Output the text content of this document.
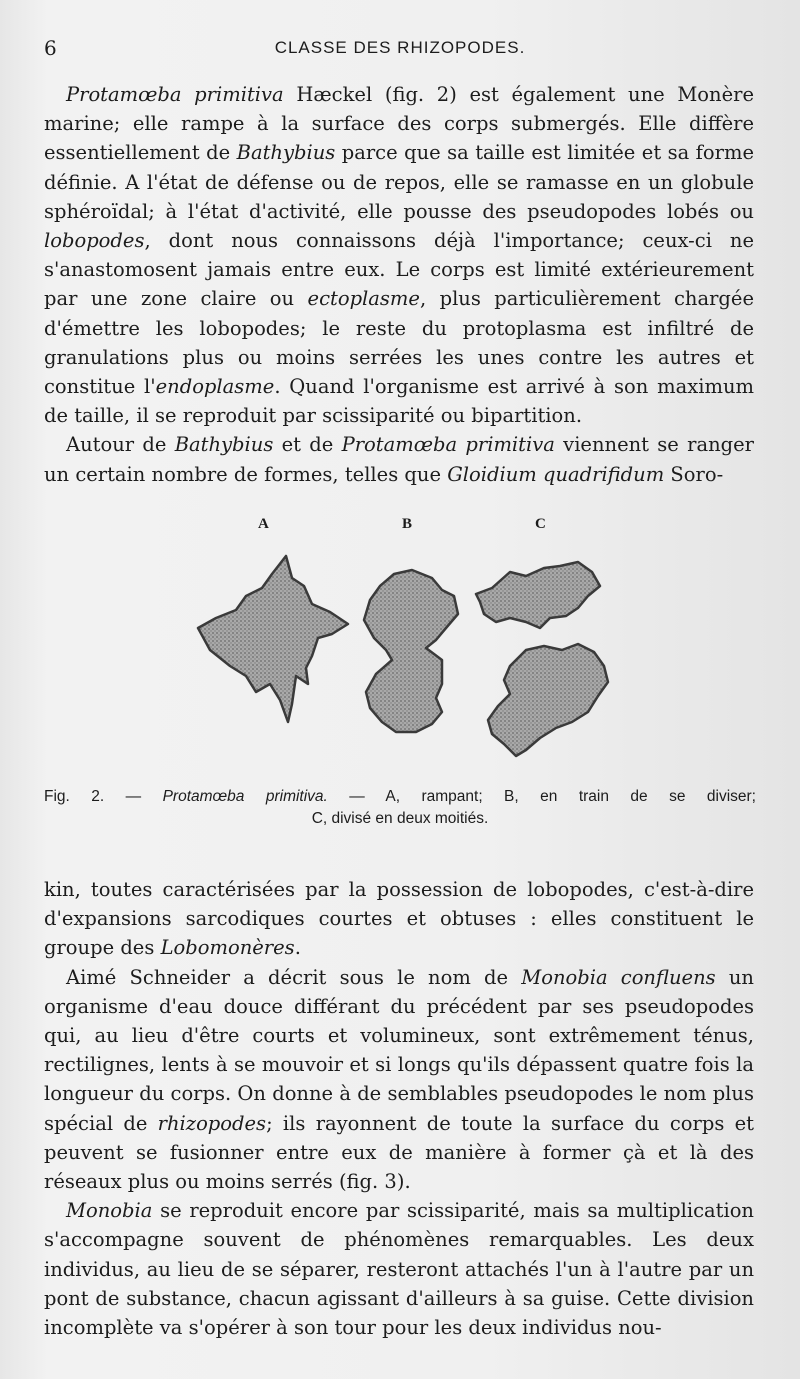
6	CLASSE DES RHIZOPODES.

Protamœba primitiva Hæckel (fig. 2) est également une Monère marine; elle rampe à la surface des corps submergés. Elle diffère essentiellement de Bathybius parce que sa taille est limitée et sa forme définie. A l'état de défense ou de repos, elle se ramasse en un globule sphéroïdal; à l'état d'activité, elle pousse des pseudopodes lobés ou lobopodes, dont nous connaissons déjà l'importance; ceux-ci ne s'anastomosent jamais entre eux. Le corps est limité extérieurement par une zone claire ou ectoplasme, plus particulièrement chargée d'émettre les lobopodes; le reste du protoplasma est infiltré de granulations plus ou moins serrées les unes contre les autres et constitue l'endoplasme. Quand l'organisme est arrivé à son maximum de taille, il se reproduit par scissiparité ou bipartition.

Autour de Bathybius et de Protamœba primitiva viennent se ranger un certain nombre de formes, telles que Gloidium quadrifidum Soro-

A	B	C
Fig. 2. — Protamœba primitiva. — A, rampant; B, en train de se diviser;
C, divisé en deux moitiés.

kin, toutes caractérisées par la possession de lobopodes, c'est-à-dire d'expansions sarcodiques courtes et obtuses : elles constituent le groupe des Lobomonères.

Aimé Schneider a décrit sous le nom de Monobia confluens un organisme d'eau douce différant du précédent par ses pseudopodes qui, au lieu d'être courts et volumineux, sont extrêmement ténus, rectilignes, lents à se mouvoir et si longs qu'ils dépassent quatre fois la longueur du corps. On donne à de semblables pseudopodes le nom plus spécial de rhizopodes; ils rayonnent de toute la surface du corps et peuvent se fusionner entre eux de manière à former çà et là des réseaux plus ou moins serrés (fig. 3).

Monobia se reproduit encore par scissiparité, mais sa multiplication s'accompagne souvent de phénomènes remarquables. Les deux individus, au lieu de se séparer, resteront attachés l'un à l'autre par un pont de substance, chacun agissant d'ailleurs à sa guise. Cette division incomplète va s'opérer à son tour pour les deux individus nou-
